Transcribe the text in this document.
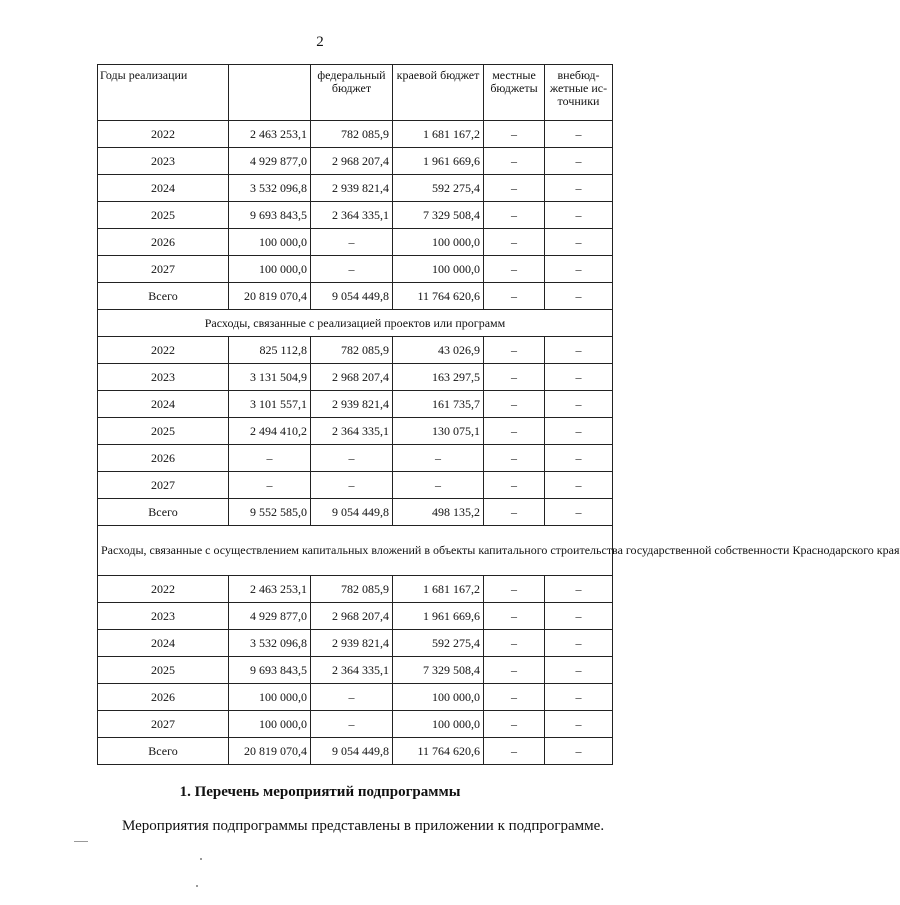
2
Годы реализации		федеральный бюджет	краевой бюджет	местные бюджеты	внебюд-жетные ис-точники
2022	2 463 253,1	782 085,9	1 681 167,2	–	–
2023	4 929 877,0	2 968 207,4	1 961 669,6	–	–
2024	3 532 096,8	2 939 821,4	592 275,4	–	–
2025	9 693 843,5	2 364 335,1	7 329 508,4	–	–
2026	100 000,0	–	100 000,0	–	–
2027	100 000,0	–	100 000,0	–	–
Всего	20 819 070,4	9 054 449,8	11 764 620,6	–	–
Расходы, связанные с реализацией проектов или программ					
2022	825 112,8	782 085,9	43 026,9	–	–
2023	3 131 504,9	2 968 207,4	163 297,5	–	–
2024	3 101 557,1	2 939 821,4	161 735,7	–	–
2025	2 494 410,2	2 364 335,1	130 075,1	–	–
2026	–	–	–	–	–
2027	–	–	–	–	–
Всего	9 552 585,0	9 054 449,8	498 135,2	–	–
Расходы, связанные с осуществлением капитальных вложений в объекты капитального строительства государственной собственности Краснодарского края					
2022	2 463 253,1	782 085,9	1 681 167,2	–	–
2023	4 929 877,0	2 968 207,4	1 961 669,6	–	–
2024	3 532 096,8	2 939 821,4	592 275,4	–	–
2025	9 693 843,5	2 364 335,1	7 329 508,4	–	–
2026	100 000,0	–	100 000,0	–	–
2027	100 000,0	–	100 000,0	–	–
Всего	20 819 070,4	9 054 449,8	11 764 620,6	–	–
1. Перечень мероприятий подпрограммы
Мероприятия подпрограммы представлены в приложении к подпрограмме.
